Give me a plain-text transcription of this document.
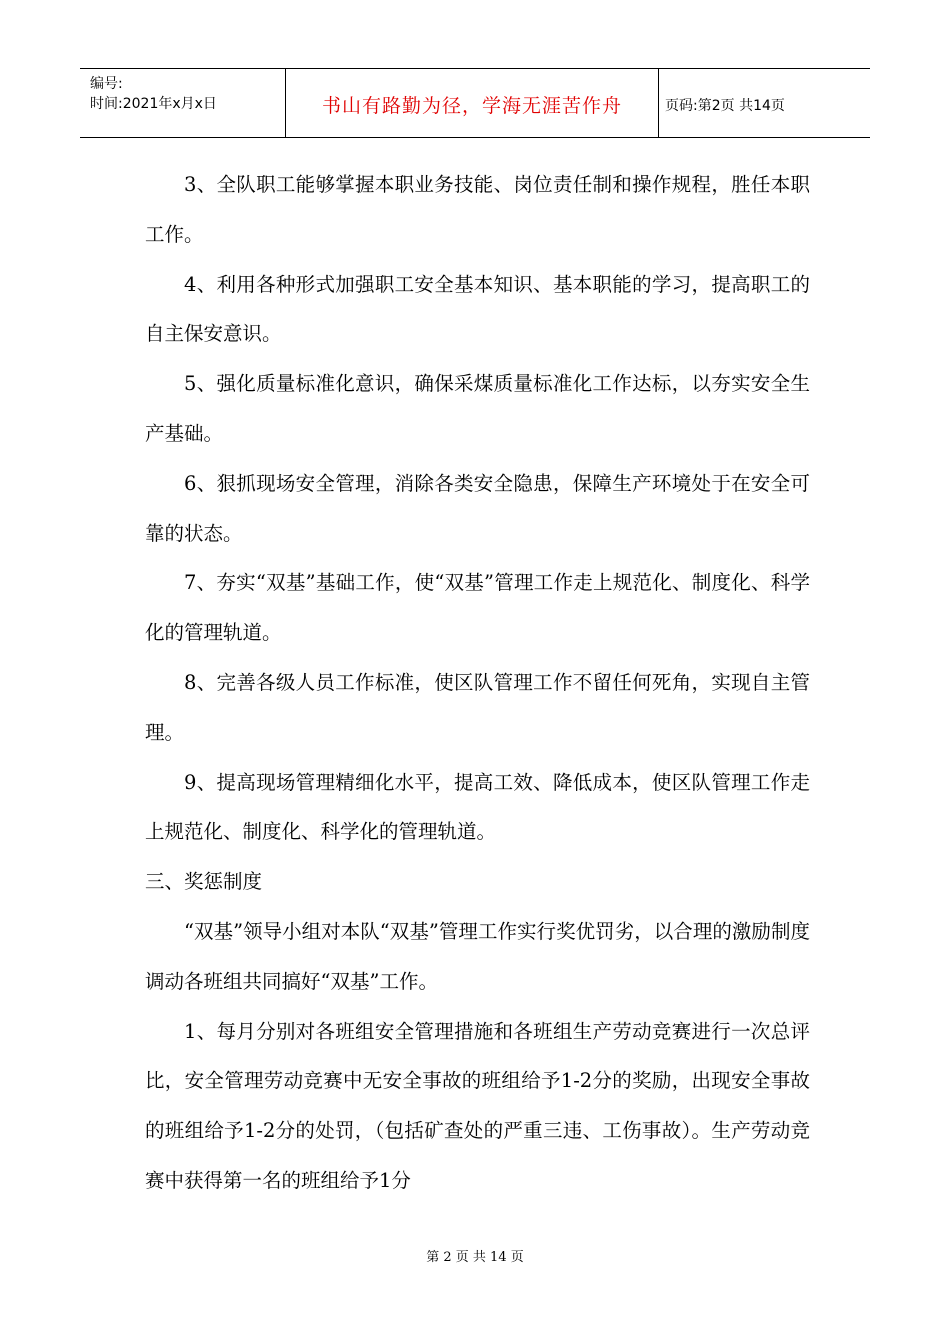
编号:
时间:2021年x月x日	书山有路勤为径，学海无涯苦作舟	页码:第2页 共14页

3、全队职工能够掌握本职业务技能、岗位责任制和操作规程，胜任本职工作。

4、利用各种形式加强职工安全基本知识、基本职能的学习，提高职工的自主保安意识。

5、强化质量标准化意识，确保采煤质量标准化工作达标，以夯实安全生产基础。

6、狠抓现场安全管理，消除各类安全隐患，保障生产环境处于在安全可靠的状态。

7、夯实“双基”基础工作，使“双基”管理工作走上规范化、制度化、科学化的管理轨道。

8、完善各级人员工作标准，使区队管理工作不留任何死角，实现自主管理。

9、提高现场管理精细化水平，提高工效、降低成本，使区队管理工作走上规范化、制度化、科学化的管理轨道。

三、奖惩制度

“双基”领导小组对本队“双基”管理工作实行奖优罚劣，以合理的激励制度调动各班组共同搞好“双基”工作。

1、每月分别对各班组安全管理措施和各班组生产劳动竞赛进行一次总评比，安全管理劳动竞赛中无安全事故的班组给予1-2分的奖励，出现安全事故的班组给予1-2分的处罚，（包括矿查处的严重三违、工伤事故）。生产劳动竞赛中获得第一名的班组给予1分

第 2 页 共 14 页
